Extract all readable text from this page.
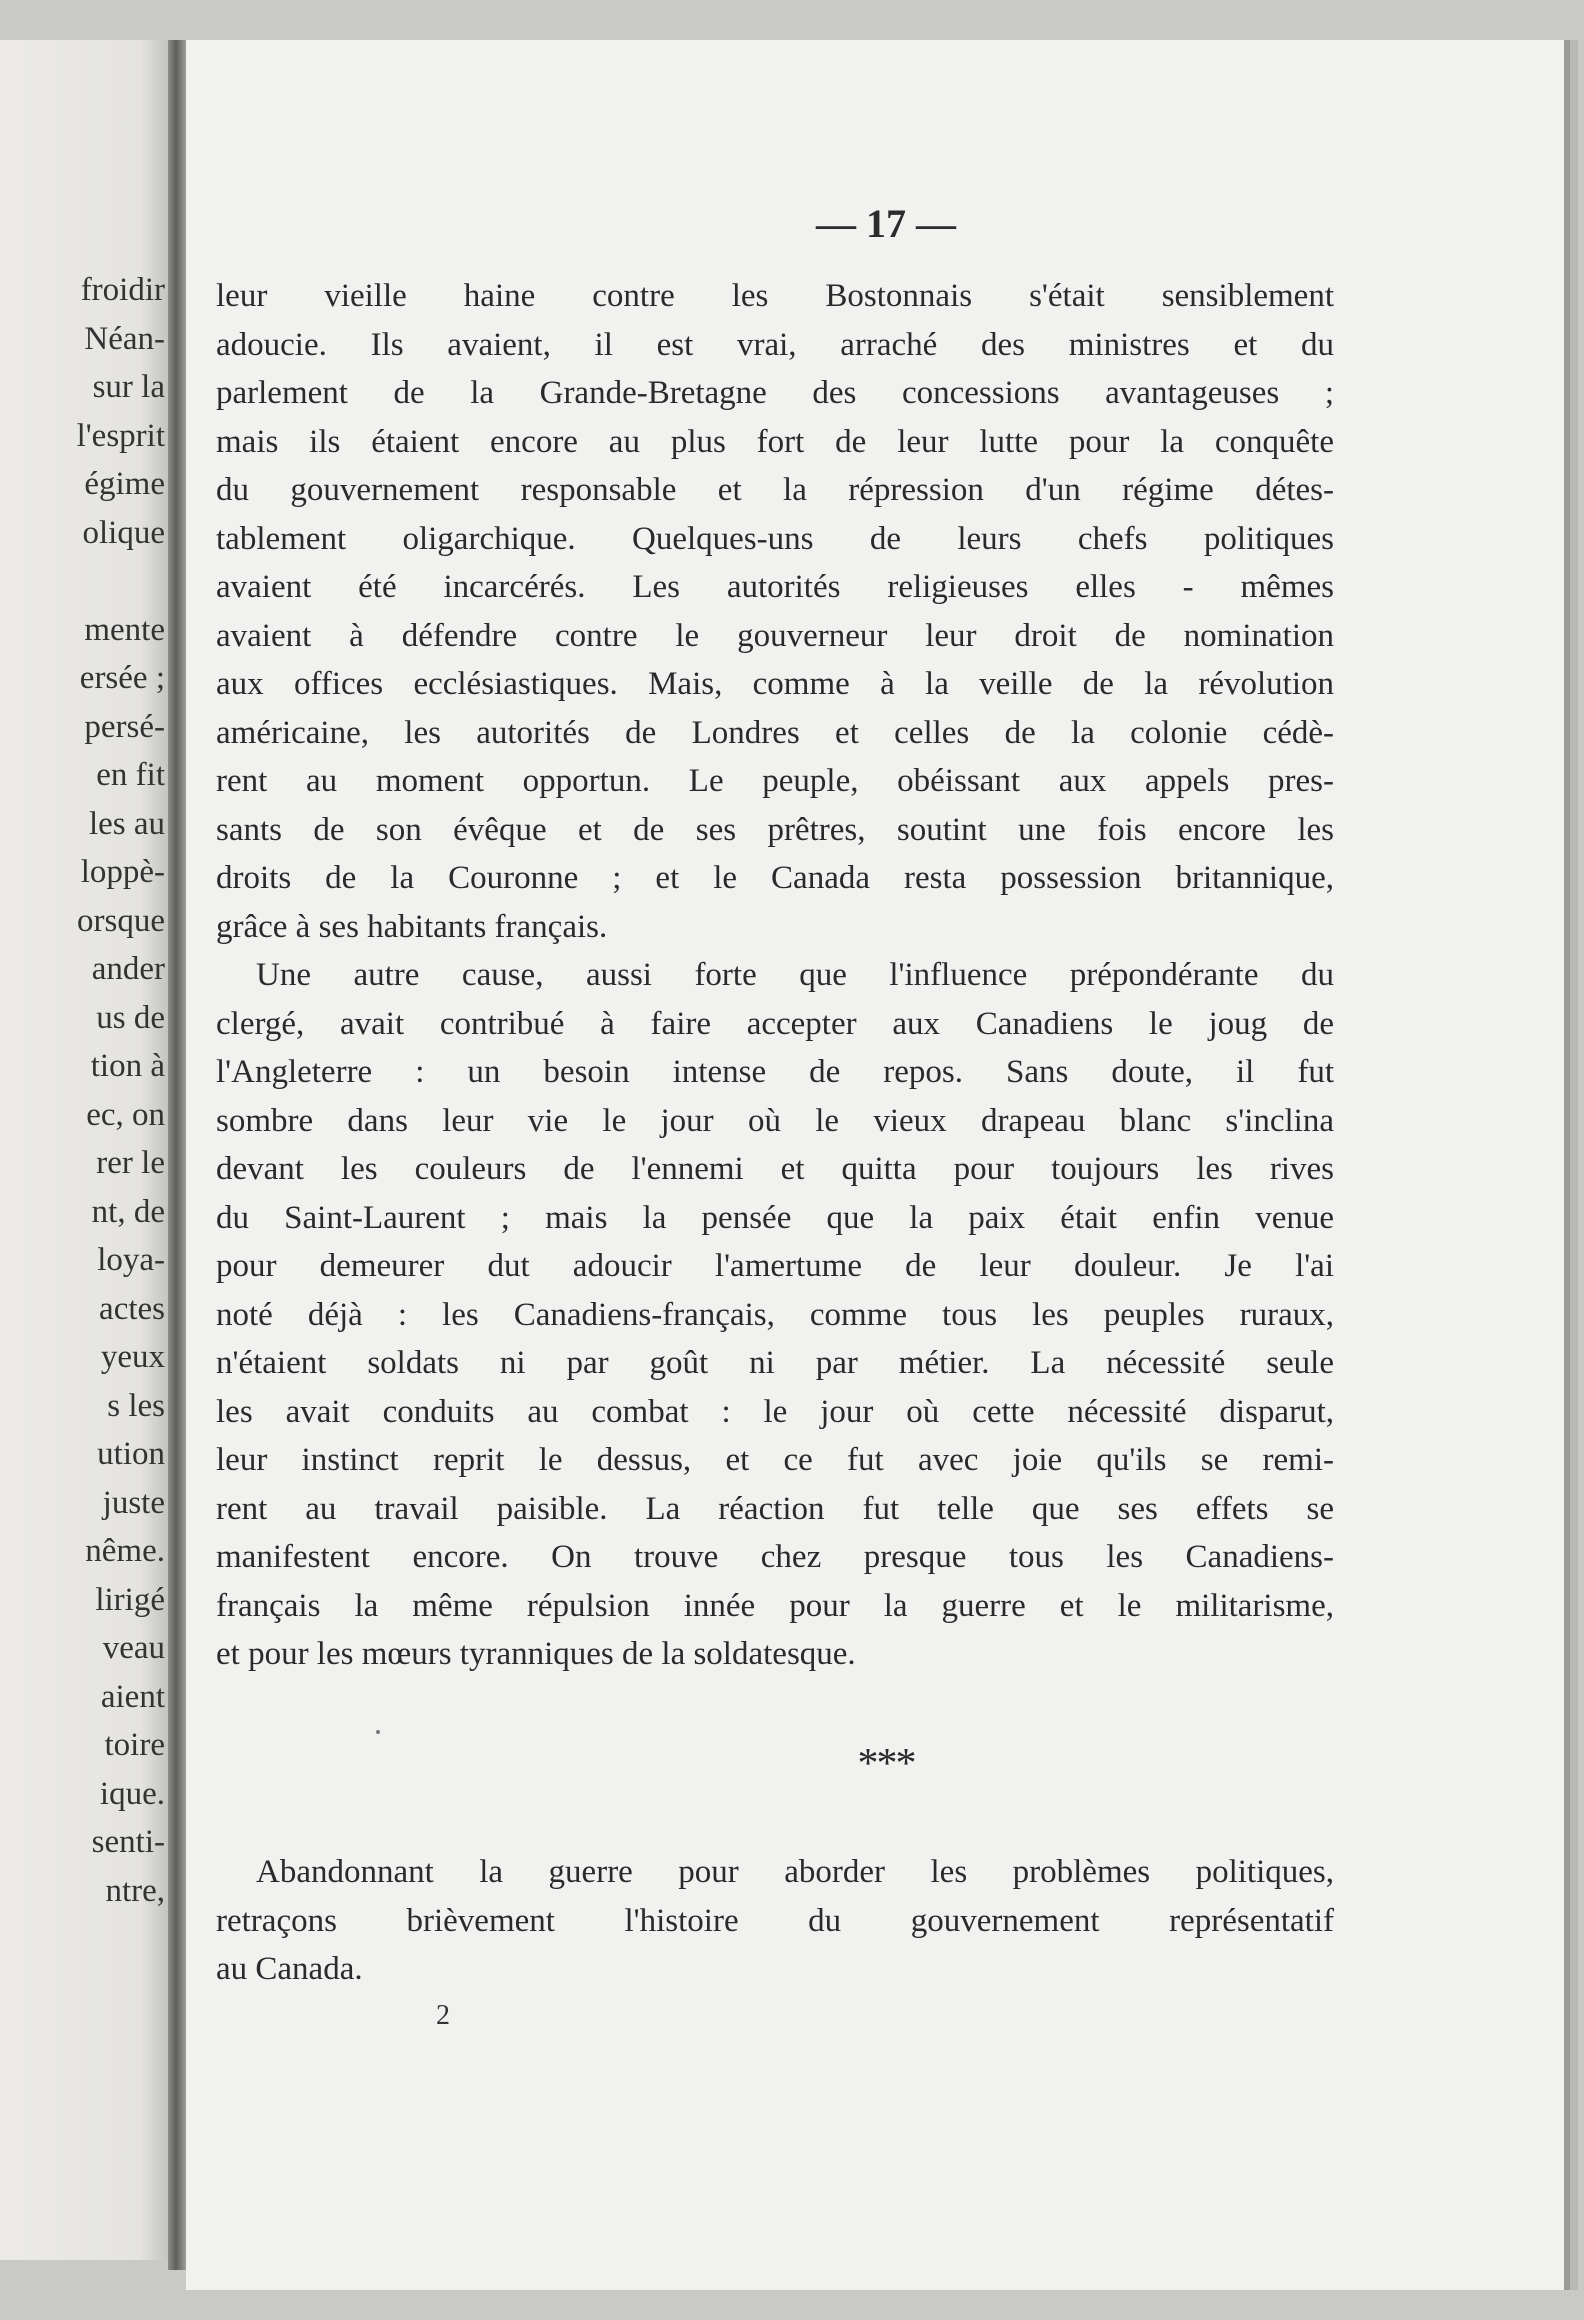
froidir
Néan-
sur la
l'esprit
égime
olique
mente
ersée ;
persé-
en fit
les au
loppè-
orsque
ander
us de
tion à
ec, on
rer le
nt, de
loya-
actes
yeux
s les
ution
juste
nême.
lirigé
veau
aient
toire
ique.
senti-
ntre,
— 17 —
leur vieille haine contre les Bostonnais s'était sensiblement
adoucie. Ils avaient, il est vrai, arraché des ministres et du
parlement de la Grande-Bretagne des concessions avantageuses ;
mais ils étaient encore au plus fort de leur lutte pour la conquête
du gouvernement responsable et la répression d'un régime détes-
tablement oligarchique. Quelques-uns de leurs chefs politiques
avaient été incarcérés. Les autorités religieuses elles - mêmes
avaient à défendre contre le gouverneur leur droit de nomination
aux offices ecclésiastiques. Mais, comme à la veille de la révolution
américaine, les autorités de Londres et celles de la colonie cédè-
rent au moment opportun. Le peuple, obéissant aux appels pres-
sants de son évêque et de ses prêtres, soutint une fois encore les
droits de la Couronne ; et le Canada resta possession britannique,
grâce à ses habitants français.
Une autre cause, aussi forte que l'influence prépondérante du
clergé, avait contribué à faire accepter aux Canadiens le joug de
l'Angleterre : un besoin intense de repos. Sans doute, il fut
sombre dans leur vie le jour où le vieux drapeau blanc s'inclina
devant les couleurs de l'ennemi et quitta pour toujours les rives
du Saint-Laurent ; mais la pensée que la paix était enfin venue
pour demeurer dut adoucir l'amertume de leur douleur. Je l'ai
noté déjà : les Canadiens-français, comme tous les peuples ruraux,
n'étaient soldats ni par goût ni par métier. La nécessité seule
les avait conduits au combat : le jour où cette nécessité disparut,
leur instinct reprit le dessus, et ce fut avec joie qu'ils se remi-
rent au travail paisible. La réaction fut telle que ses effets se
manifestent encore. On trouve chez presque tous les Canadiens-
français la même répulsion innée pour la guerre et le militarisme,
et pour les mœurs tyranniques de la soldatesque.
***
Abandonnant la guerre pour aborder les problèmes politiques,
retraçons brièvement l'histoire du gouvernement représentatif
au Canada.
2
